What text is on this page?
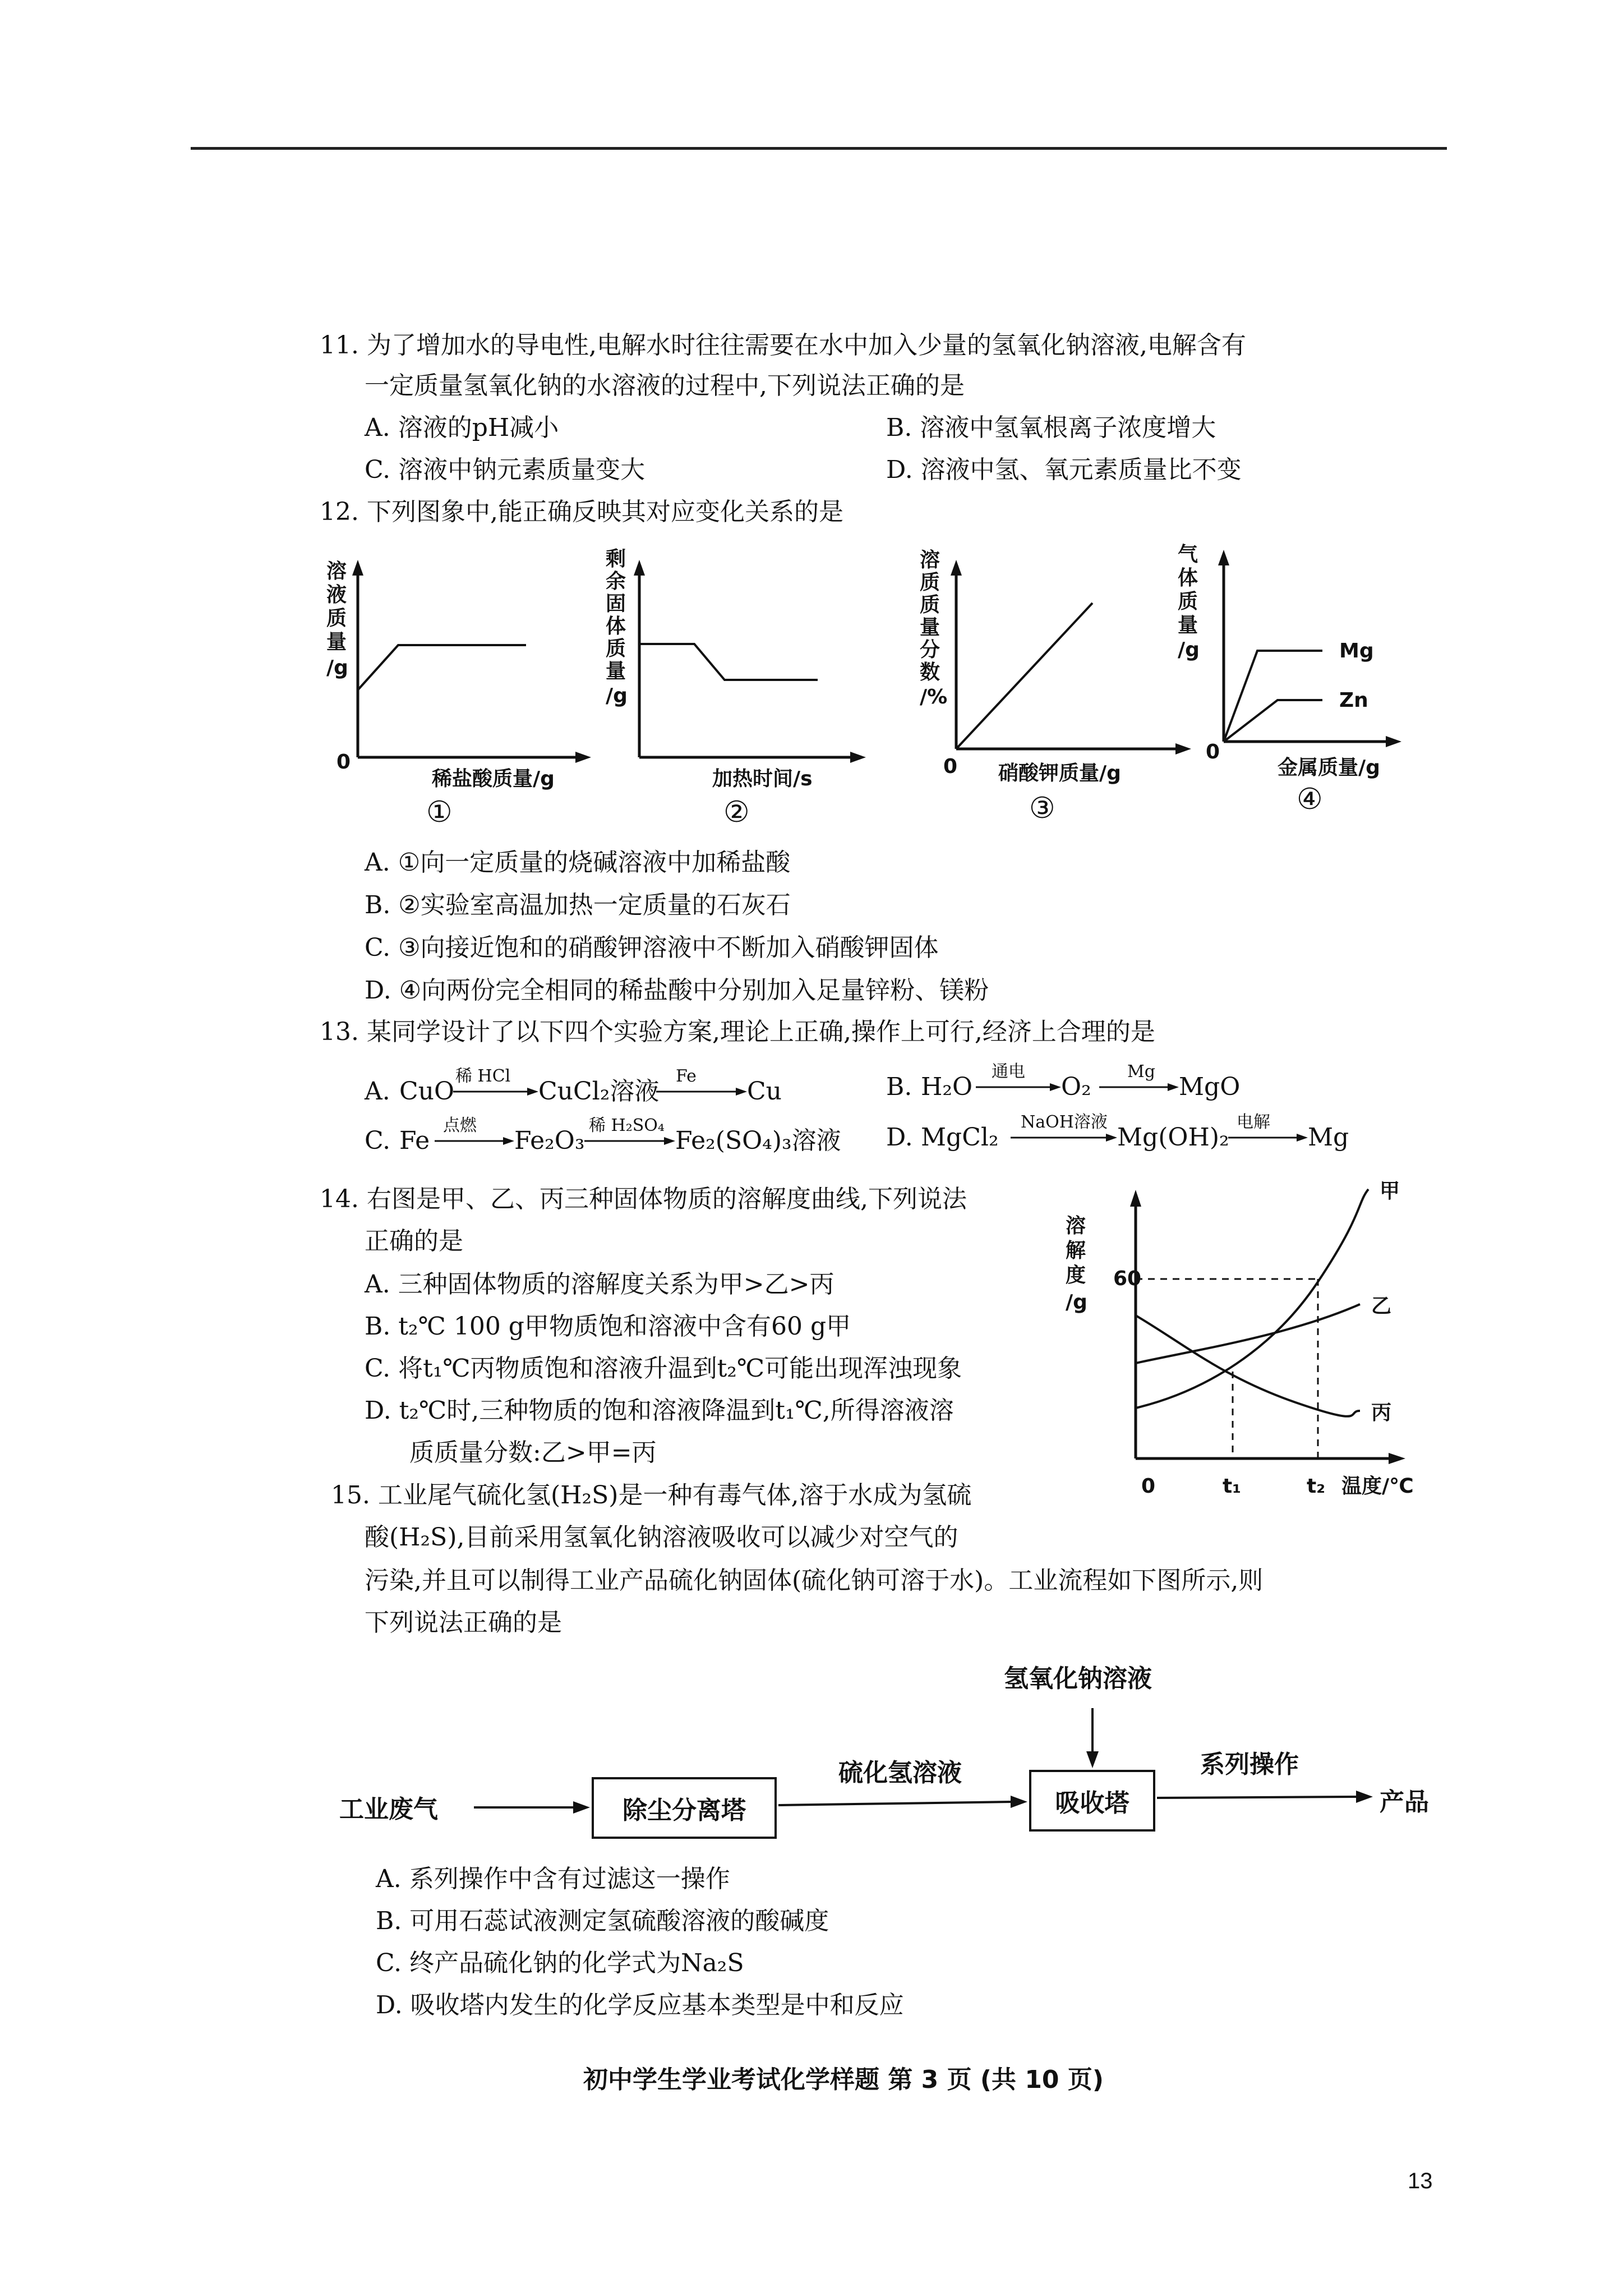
11. 为了增加水的导电性,电解水时往往需要在水中加入少量的氢氧化钠溶液,电解含有
一定质量氢氧化钠的水溶液的过程中,下列说法正确的是
A. 溶液的pH减小	B. 溶液中氢氧根离子浓度增大
C. 溶液中钠元素质量变大	D. 溶液中氢、氧元素质量比不变
12. 下列图象中,能正确反映其对应变化关系的是
溶
液
质
量
/g
0
稀盐酸质量/g
①
剩
余
固
体
质
量
/g
加热时间/s
②
溶
质
质
量
分
数
/%
0 硝酸钾质量/g
③
气
体
质
量
/g	Mg
Zn
0
金属质量/g
④
A. ①向一定质量的烧碱溶液中加稀盐酸
B. ②实验室高温加热一定质量的石灰石
C. ③向接近饱和的硝酸钾溶液中不断加入硝酸钾固体
D. ④向两份完全相同的稀盐酸中分别加入足量锌粉、镁粉
13. 某同学设计了以下四个实验方案,理论上正确,操作上可行,经济上合理的是
A. CuO
稀 HCl
CuCl₂溶液
Fe
Cu	B. H₂O
通电
O₂
Mg
MgO
C. Fe
点燃
Fe₂O₃
稀 H₂SO₄
Fe₂(SO₄)₃溶液 D. MgCl₂
NaOH溶液
Mg(OH)₂
电解
Mg
14. 右图是甲、乙、丙三种固体物质的溶解度曲线,下列说法
正确的是
A. 三种固体物质的溶解度关系为甲>乙>丙
B. t₂℃ 100 g甲物质饱和溶液中含有60 g甲
C. 将t₁℃丙物质饱和溶液升温到t₂℃可能出现浑浊现象
D. t₂℃时,三种物质的饱和溶液降温到t₁℃,所得溶液溶
质质量分数:乙>甲=丙
溶
解
度
/g
60
甲
乙
丙
0	t₁	t₂ 温度/℃
15. 工业尾气硫化氢(H₂S)是一种有毒气体,溶于水成为氢硫
酸(H₂S),目前采用氢氧化钠溶液吸收可以减少对空气的
污染,并且可以制得工业产品硫化钠固体(硫化钠可溶于水)。工业流程如下图所示,则
下列说法正确的是
工业废气	除尘分离塔
硫化氢溶液
氢氧化钠溶液
吸收塔
系列操作
产品
A. 系列操作中含有过滤这一操作
B. 可用石蕊试液测定氢硫酸溶液的酸碱度
C. 终产品硫化钠的化学式为Na₂S
D. 吸收塔内发生的化学反应基本类型是中和反应
初中学生学业考试化学样题 第 3 页 (共 10 页)
13
